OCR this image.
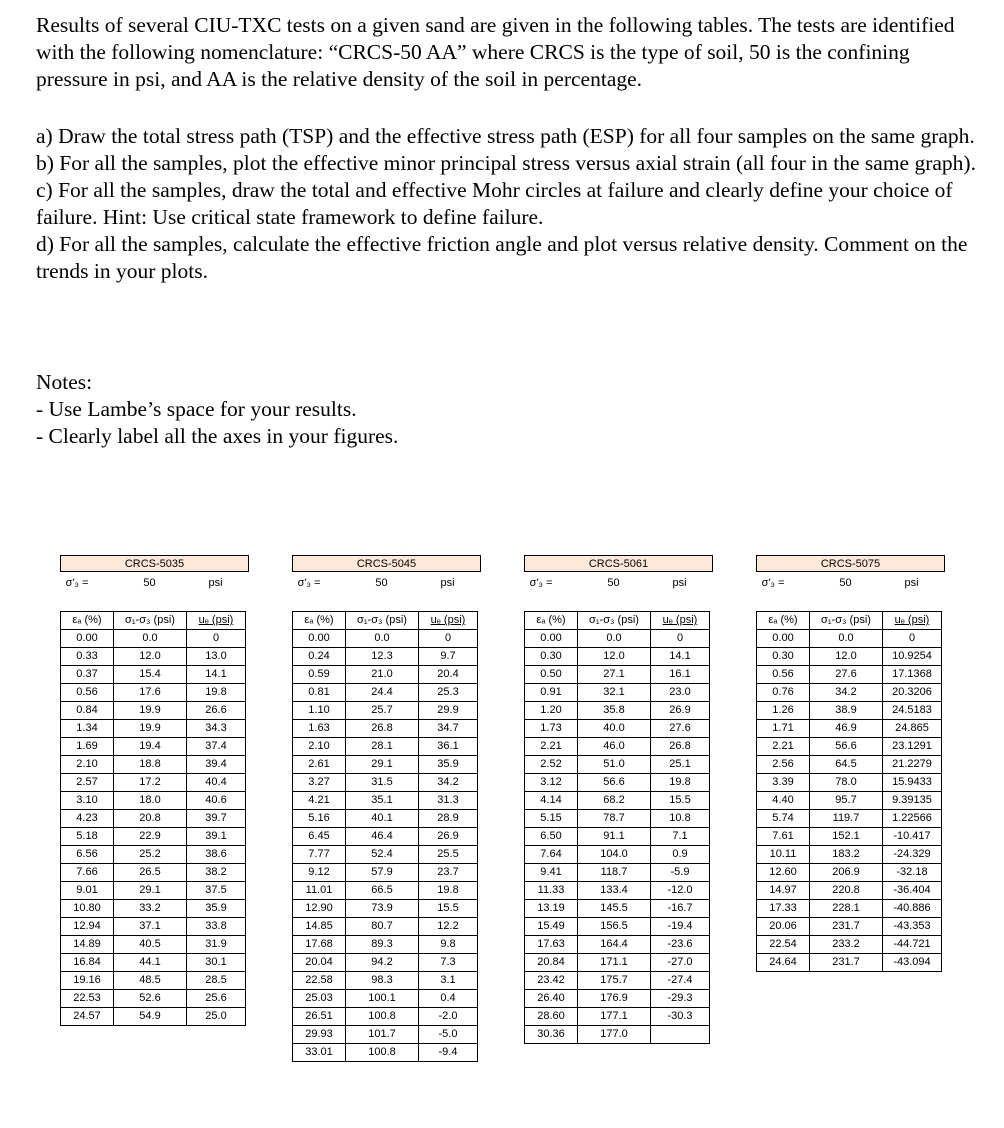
Results of several CIU-TXC tests on a given sand are given in the following tables. The tests are identified with the following nomenclature: “CRCS-50 AA” where CRCS is the type of soil, 50 is the confining pressure in psi, and AA is the relative density of the soil in percentage.

a) Draw the total stress path (TSP) and the effective stress path (ESP) for all four samples on the same graph.

b) For all the samples, plot the effective minor principal stress versus axial strain (all four in the same graph).

c) For all the samples, draw the total and effective Mohr circles at failure and clearly define your choice of failure. Hint: Use critical state framework to define failure.

d) For all the samples, calculate the effective friction angle and plot versus relative density. Comment on the trends in your plots.

Notes:

- Use Lambe’s space for your results.

- Clearly label all the axes in your figures.

CRCS-5035
σ'₃ =	50	psi
εₐ (%)	σ₁-σ₃ (psi)	uₑ (psi)
0.00	0.0	0
0.33	12.0	13.0
0.37	15.4	14.1
0.56	17.6	19.8
0.84	19.9	26.6
1.34	19.9	34.3
1.69	19.4	37.4
2.10	18.8	39.4
2.57	17.2	40.4
3.10	18.0	40.6
4.23	20.8	39.7
5.18	22.9	39.1
6.56	25.2	38.6
7.66	26.5	38.2
9.01	29.1	37.5
10.80	33.2	35.9
12.94	37.1	33.8
14.89	40.5	31.9
16.84	44.1	30.1
19.16	48.5	28.5
22.53	52.6	25.6
24.57	54.9	25.0
CRCS-5045
σ'₃ =	50	psi
εₐ (%)	σ₁-σ₃ (psi)	uₑ (psi)
0.00	0.0	0
0.24	12.3	9.7
0.59	21.0	20.4
0.81	24.4	25.3
1.10	25.7	29.9
1.63	26.8	34.7
2.10	28.1	36.1
2.61	29.1	35.9
3.27	31.5	34.2
4.21	35.1	31.3
5.16	40.1	28.9
6.45	46.4	26.9
7.77	52.4	25.5
9.12	57.9	23.7
11.01	66.5	19.8
12.90	73.9	15.5
14.85	80.7	12.2
17.68	89.3	9.8
20.04	94.2	7.3
22.58	98.3	3.1
25.03	100.1	0.4
26.51	100.8	-2.0
29.93	101.7	-5.0
33.01	100.8	-9.4
CRCS-5061
σ'₃ =	50	psi
εₐ (%)	σ₁-σ₃ (psi)	uₑ (psi)
0.00	0.0	0
0.30	12.0	14.1
0.50	27.1	16.1
0.91	32.1	23.0
1.20	35.8	26.9
1.73	40.0	27.6
2.21	46.0	26.8
2.52	51.0	25.1
3.12	56.6	19.8
4.14	68.2	15.5
5.15	78.7	10.8
6.50	91.1	7.1
7.64	104.0	0.9
9.41	118.7	-5.9
11.33	133.4	-12.0
13.19	145.5	-16.7
15.49	156.5	-19.4
17.63	164.4	-23.6
20.84	171.1	-27.0
23.42	175.7	-27.4
26.40	176.9	-29.3
28.60	177.1	-30.3
30.36	177.0	
CRCS-5075
σ'₃ =	50	psi
εₐ (%)	σ₁-σ₃ (psi)	uₑ (psi)
0.00	0.0	0
0.30	12.0	10.9254
0.56	27.6	17.1368
0.76	34.2	20.3206
1.26	38.9	24.5183
1.71	46.9	24.865
2.21	56.6	23.1291
2.56	64.5	21.2279
3.39	78.0	15.9433
4.40	95.7	9.39135
5.74	119.7	1.22566
7.61	152.1	-10.417
10.11	183.2	-24.329
12.60	206.9	-32.18
14.97	220.8	-36.404
17.33	228.1	-40.886
20.06	231.7	-43.353
22.54	233.2	-44.721
24.64	231.7	-43.094
